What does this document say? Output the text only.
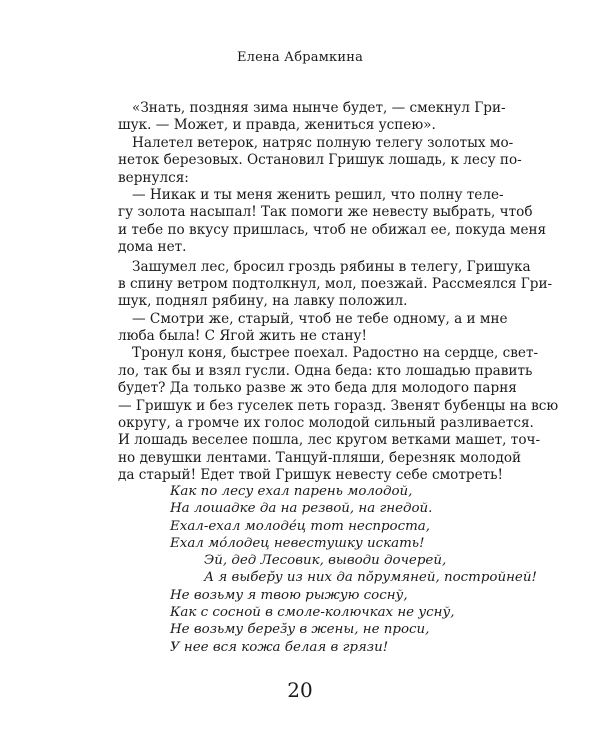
Елена Абрамкина
«Знать, поздняя зима нынче будет, — смекнул Гри-
шук. — Может, и правда, жениться успею».
Налетел ветерок, натряс полную телегу золотых мо-
неток березовых. Остановил Гришук лошадь, к лесу по-
вернулся:
— Никак и ты меня женить решил, что полну теле-
гу золота насыпал! Так помоги же невесту выбрать, чтоб
и тебе по вкусу пришлась, чтоб не обижал ее, покуда меня
дома нет.
Зашумел лес, бросил гроздь рябины в телегу, Гришука
в спину ветром подтолкнул, мол, поезжай. Рассмеялся Гри-
шук, поднял рябину, на лавку положил.
— Смотри же, старый, чтоб не тебе одному, а и мне
люба была! С Ягой жить не стану!
Тронул коня, быстрее поехал. Радостно на сердце, свет-
ло, так бы и взял гусли. Одна беда: кто лошадью править
будет? Да только разве ж это беда для молодого парня
— Гришук и без гуселек петь горазд. Звенят бубенцы на всю
округу, а громче их голос молодой сильный разливается.
И лошадь веселее пошла, лес кругом ветками машет, точ-
но девушки лентами. Танцуй-пляши, березняк молодой
да старый! Едет твой Гришук невесту себе смотреть!
Как по лесу ехал парень молодой,
На лошадке да на резвой, на гнедой.
Ехал-ехал молоде́ц тот неспроста,
Ехал мо́лодец невестушку искать!
Эй, дед Лесовик, выводи дочерей,
А я выбер̆у из них да по̆румяней, постройней!
Не возьму я твою рыжую соснў,
Как с сосной в смоле-колючках не уснў,
Не возьму берез̆у в жены, не проси,
У нее вся кожа белая в грязи!
20
